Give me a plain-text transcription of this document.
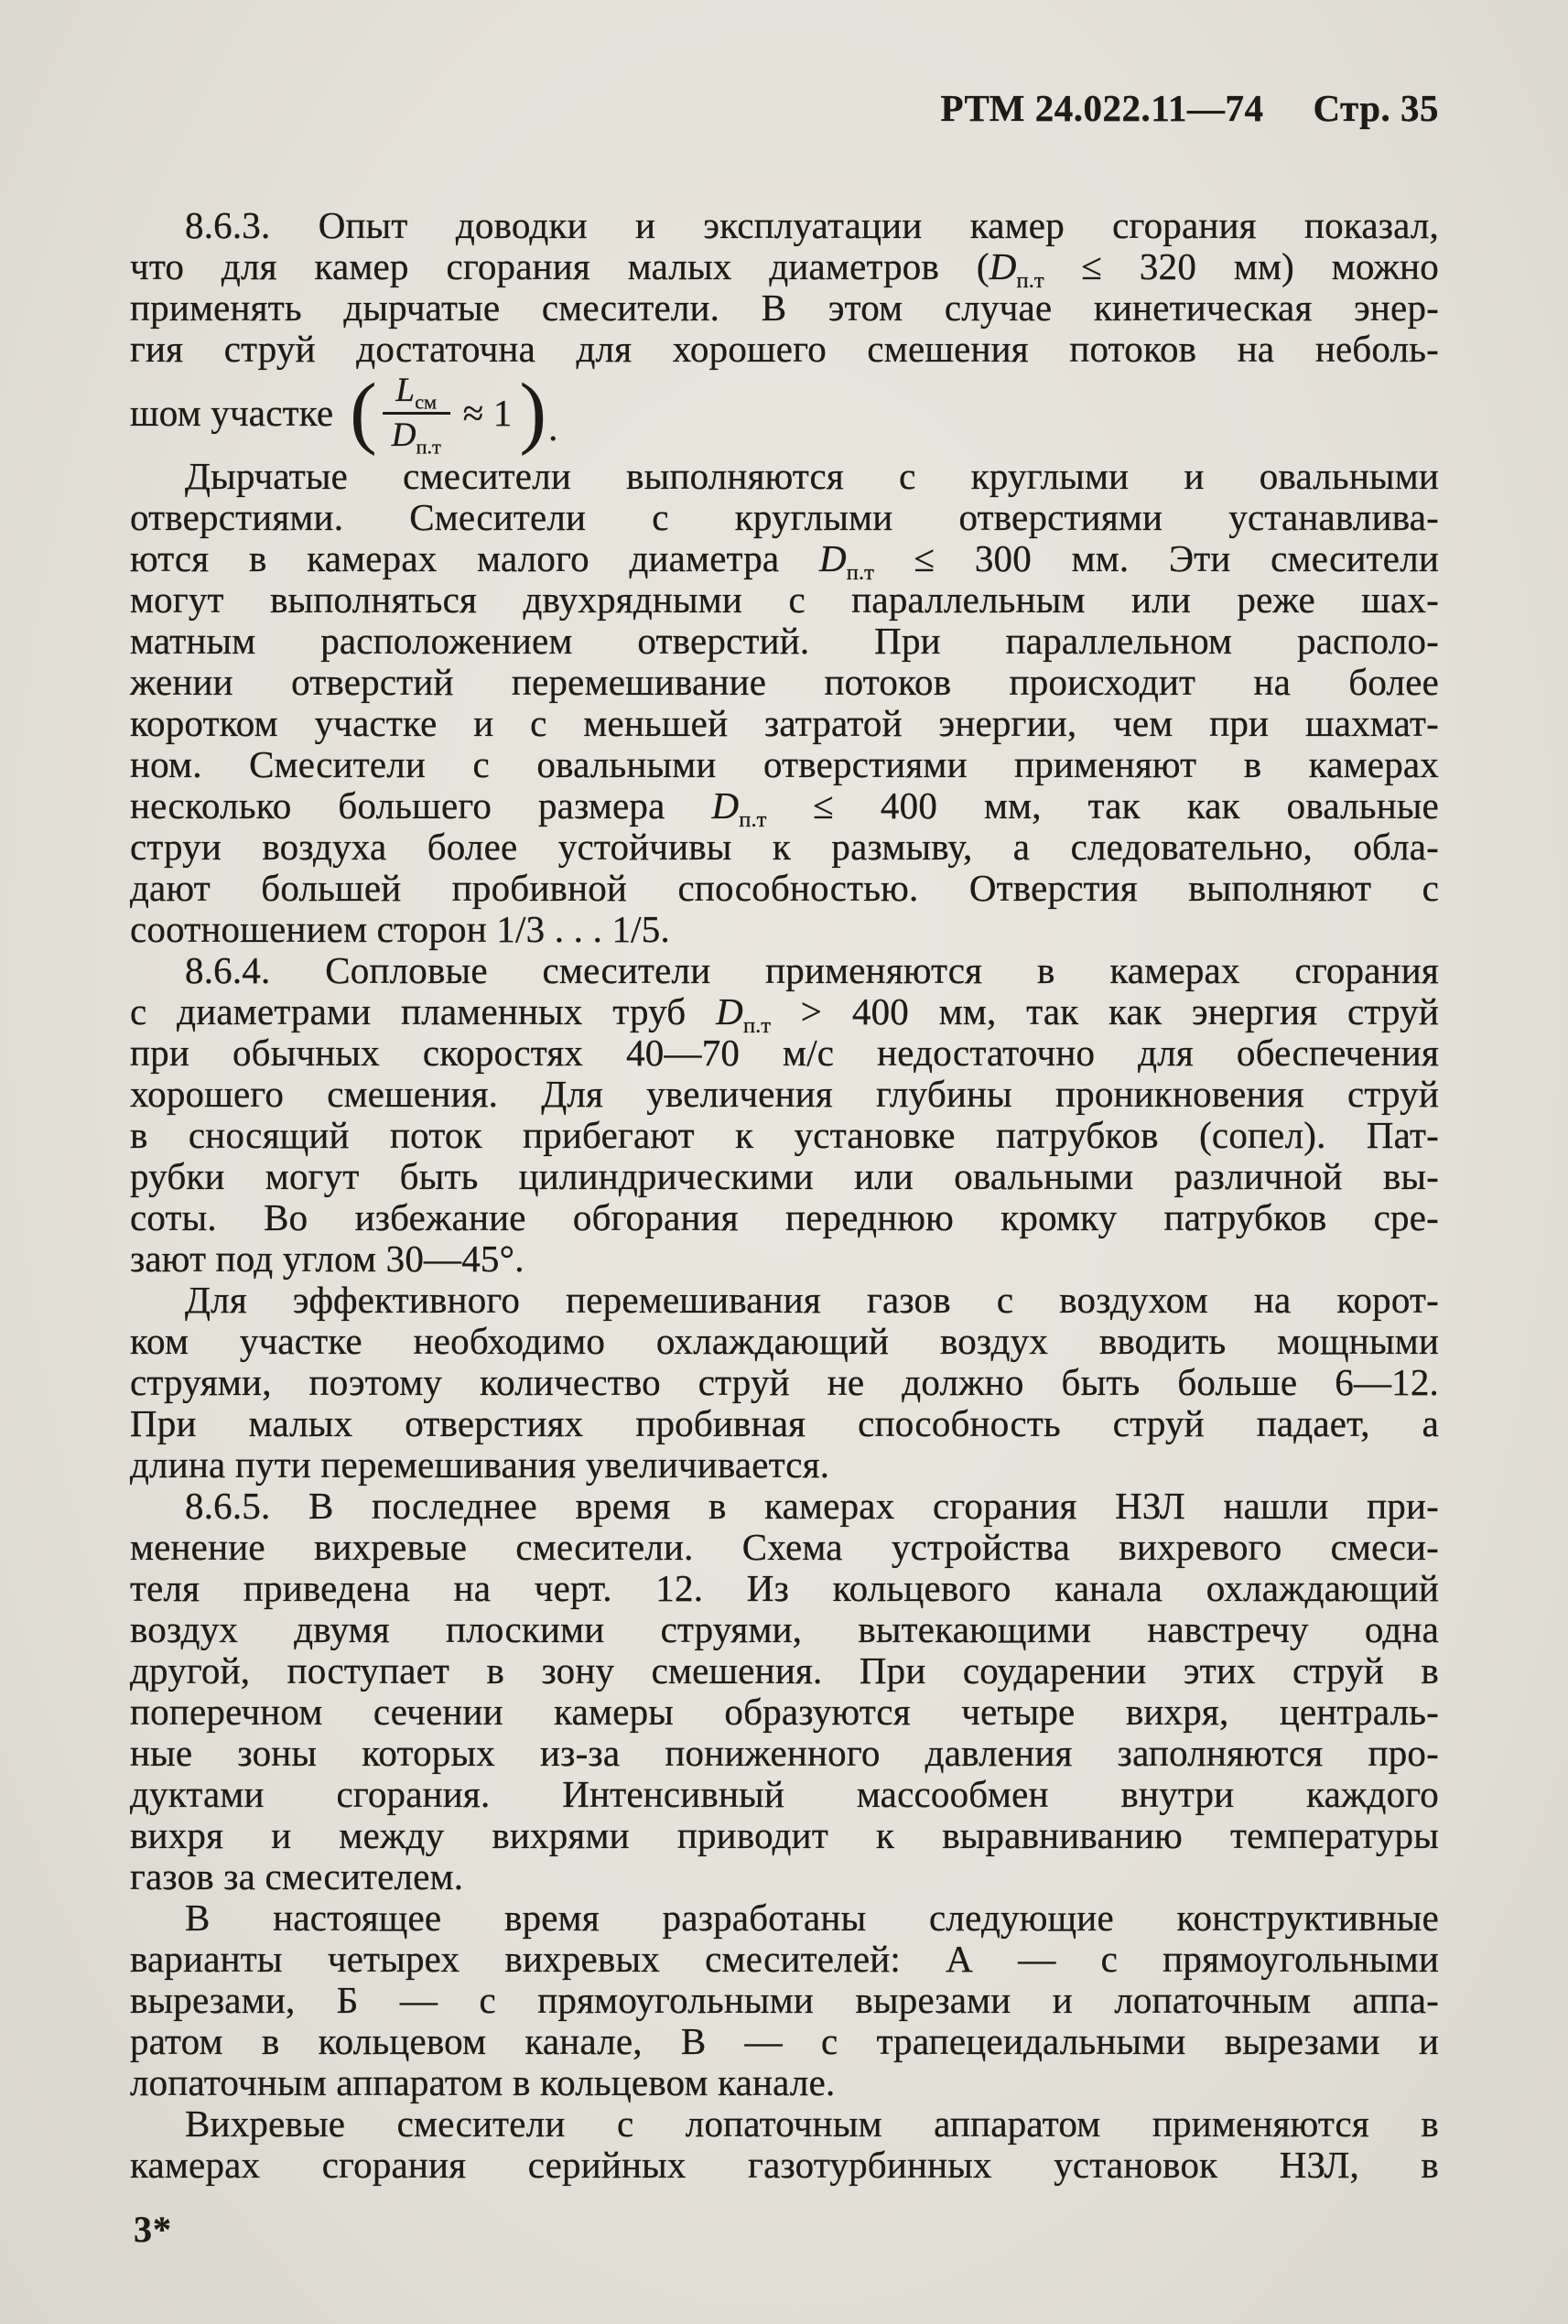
РТМ 24.022.11—74 Стр. 35
8.6.3. Опыт доводки и эксплуатации камер сгорания показал,
что для камер сгорания малых диаметров ($D_{п.т} \le 320$ мм) можно
применять дырчатые смесители. В этом случае кинетическая энер-
гия струй достаточна для хорошего смешения потоков на неболь-
шом участке ( $\frac{L_{см}}{D_{п.т}} \approx 1$ ) .
Дырчатые смесители выполняются с круглыми и овальными
отверстиями. Смесители с круглыми отверстиями устанавлива-
ются в камерах малого диаметра $D_{п.т} \le 300$ мм. Эти смесители
могут выполняться двухрядными с параллельным или реже шах-
матным расположением отверстий. При параллельном располо-
жении отверстий перемешивание потоков происходит на более
коротком участке и с меньшей затратой энергии, чем при шахмат-
ном. Смесители с овальными отверстиями применяют в камерах
несколько большего размера $D_{п.т} \le 400$ мм, так как овальные
струи воздуха более устойчивы к размыву, а следовательно, обла-
дают большей пробивной способностью. Отверстия выполняют с
соотношением сторон 1/3 . . . 1/5.
8.6.4. Сопловые смесители применяются в камерах сгорания
с диаметрами пламенных труб $D_{п.т} > 400$ мм, так как энергия струй
при обычных скоростях 40—70 м/с недостаточно для обеспечения
хорошего смешения. Для увеличения глубины проникновения струй
в сносящий поток прибегают к установке патрубков (сопел). Пат-
рубки могут быть цилиндрическими или овальными различной вы-
соты. Во избежание обгорания переднюю кромку патрубков сре-
зают под углом 30—45°.
Для эффективного перемешивания газов с воздухом на корот-
ком участке необходимо охлаждающий воздух вводить мощными
струями, поэтому количество струй не должно быть больше 6—12.
При малых отверстиях пробивная способность струй падает, а
длина пути перемешивания увеличивается.
8.6.5. В последнее время в камерах сгорания НЗЛ нашли при-
менение вихревые смесители. Схема устройства вихревого смеси-
теля приведена на черт. 12. Из кольцевого канала охлаждающий
воздух двумя плоскими струями, вытекающими навстречу одна
другой, поступает в зону смешения. При соударении этих струй в
поперечном сечении камеры образуются четыре вихря, централь-
ные зоны которых из-за пониженного давления заполняются про-
дуктами сгорания. Интенсивный массообмен внутри каждого
вихря и между вихрями приводит к выравниванию температуры
газов за смесителем.
В настоящее время разработаны следующие конструктивные
варианты четырех вихревых смесителей: А — с прямоугольными
вырезами, Б — с прямоугольными вырезами и лопаточным аппа-
ратом в кольцевом канале, В — с трапецеидальными вырезами и
лопаточным аппаратом в кольцевом канале.
Вихревые смесители с лопаточным аппаратом применяются в
камерах сгорания серийных газотурбинных установок НЗЛ, в
3*
